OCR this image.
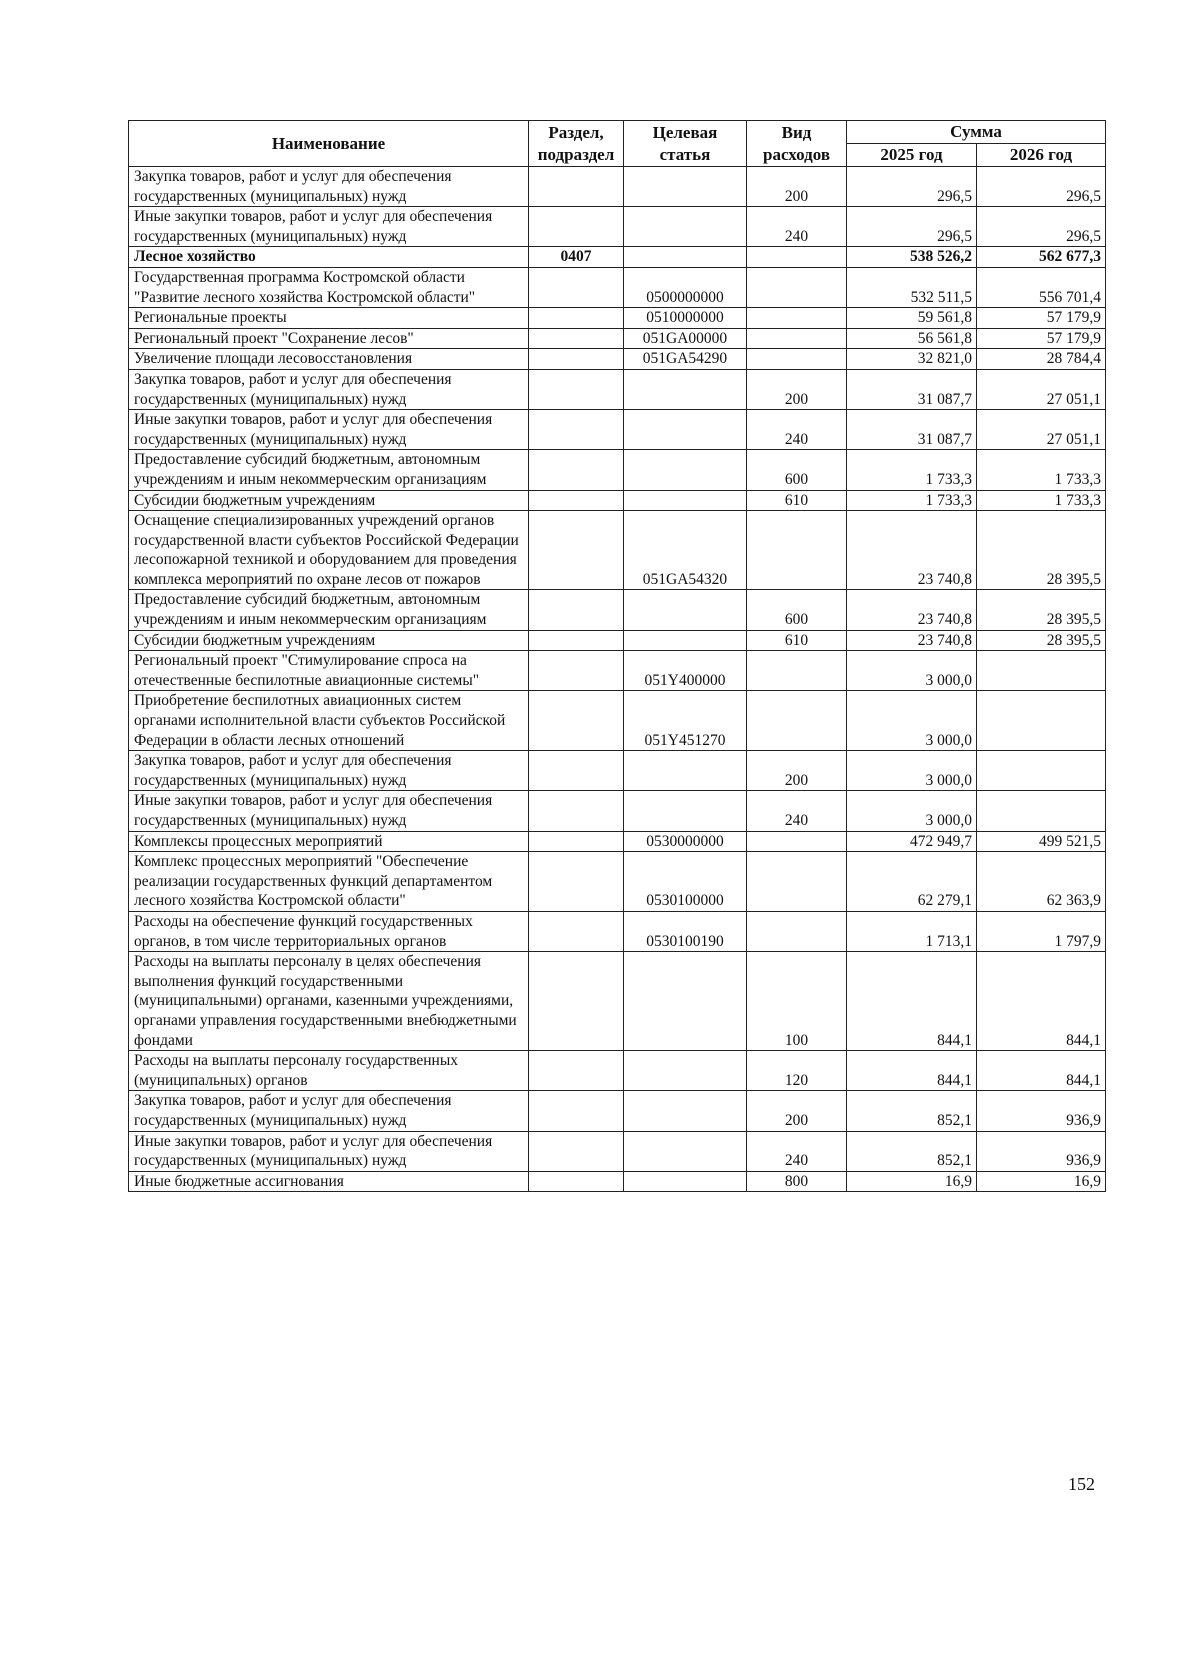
Наименование	Раздел, подраздел	Целевая статья	Вид расходов	Сумма	
				2025 год	2026 год
Закупка товаров, работ и услуг для обеспечения государственных (муниципальных) нужд			200	296,5	296,5
Иные закупки товаров, работ и услуг для обеспечения государственных (муниципальных) нужд			240	296,5	296,5
Лесное хозяйство	0407			538 526,2	562 677,3
Государственная программа Костромской области "Развитие лесного хозяйства Костромской области"		0500000000		532 511,5	556 701,4
Региональные проекты		0510000000		59 561,8	57 179,9
Региональный проект "Сохранение лесов"		051GA00000		56 561,8	57 179,9
Увеличение площади лесовосстановления		051GA54290		32 821,0	28 784,4
Закупка товаров, работ и услуг для обеспечения государственных (муниципальных) нужд			200	31 087,7	27 051,1
Иные закупки товаров, работ и услуг для обеспечения государственных (муниципальных) нужд			240	31 087,7	27 051,1
Предоставление субсидий бюджетным, автономным учреждениям и иным некоммерческим организациям			600	1 733,3	1 733,3
Субсидии бюджетным учреждениям			610	1 733,3	1 733,3
Оснащение специализированных учреждений органов государственной власти субъектов Российской Федерации лесопожарной техникой и оборудованием для проведения комплекса мероприятий по охране лесов от пожаров		051GA54320		23 740,8	28 395,5
Предоставление субсидий бюджетным, автономным учреждениям и иным некоммерческим организациям			600	23 740,8	28 395,5
Субсидии бюджетным учреждениям			610	23 740,8	28 395,5
Региональный проект "Стимулирование спроса на отечественные беспилотные авиационные системы"		051Y400000		3 000,0	
Приобретение беспилотных авиационных систем органами исполнительной власти субъектов Российской Федерации в области лесных отношений		051Y451270		3 000,0	
Закупка товаров, работ и услуг для обеспечения государственных (муниципальных) нужд			200	3 000,0	
Иные закупки товаров, работ и услуг для обеспечения государственных (муниципальных) нужд			240	3 000,0	
Комплексы процессных мероприятий		0530000000		472 949,7	499 521,5
Комплекс процессных мероприятий "Обеспечение реализации государственных функций департаментом лесного хозяйства Костромской области"		0530100000		62 279,1	62 363,9
Расходы на обеспечение функций государственных органов, в том числе территориальных органов		0530100190		1 713,1	1 797,9
Расходы на выплаты персоналу в целях обеспечения выполнения функций государственными (муниципальными) органами, казенными учреждениями, органами управления государственными внебюджетными фондами			100	844,1	844,1
Расходы на выплаты персоналу государственных (муниципальных) органов			120	844,1	844,1
Закупка товаров, работ и услуг для обеспечения государственных (муниципальных) нужд			200	852,1	936,9
Иные закупки товаров, работ и услуг для обеспечения государственных (муниципальных) нужд			240	852,1	936,9
Иные бюджетные ассигнования			800	16,9	16,9
152
